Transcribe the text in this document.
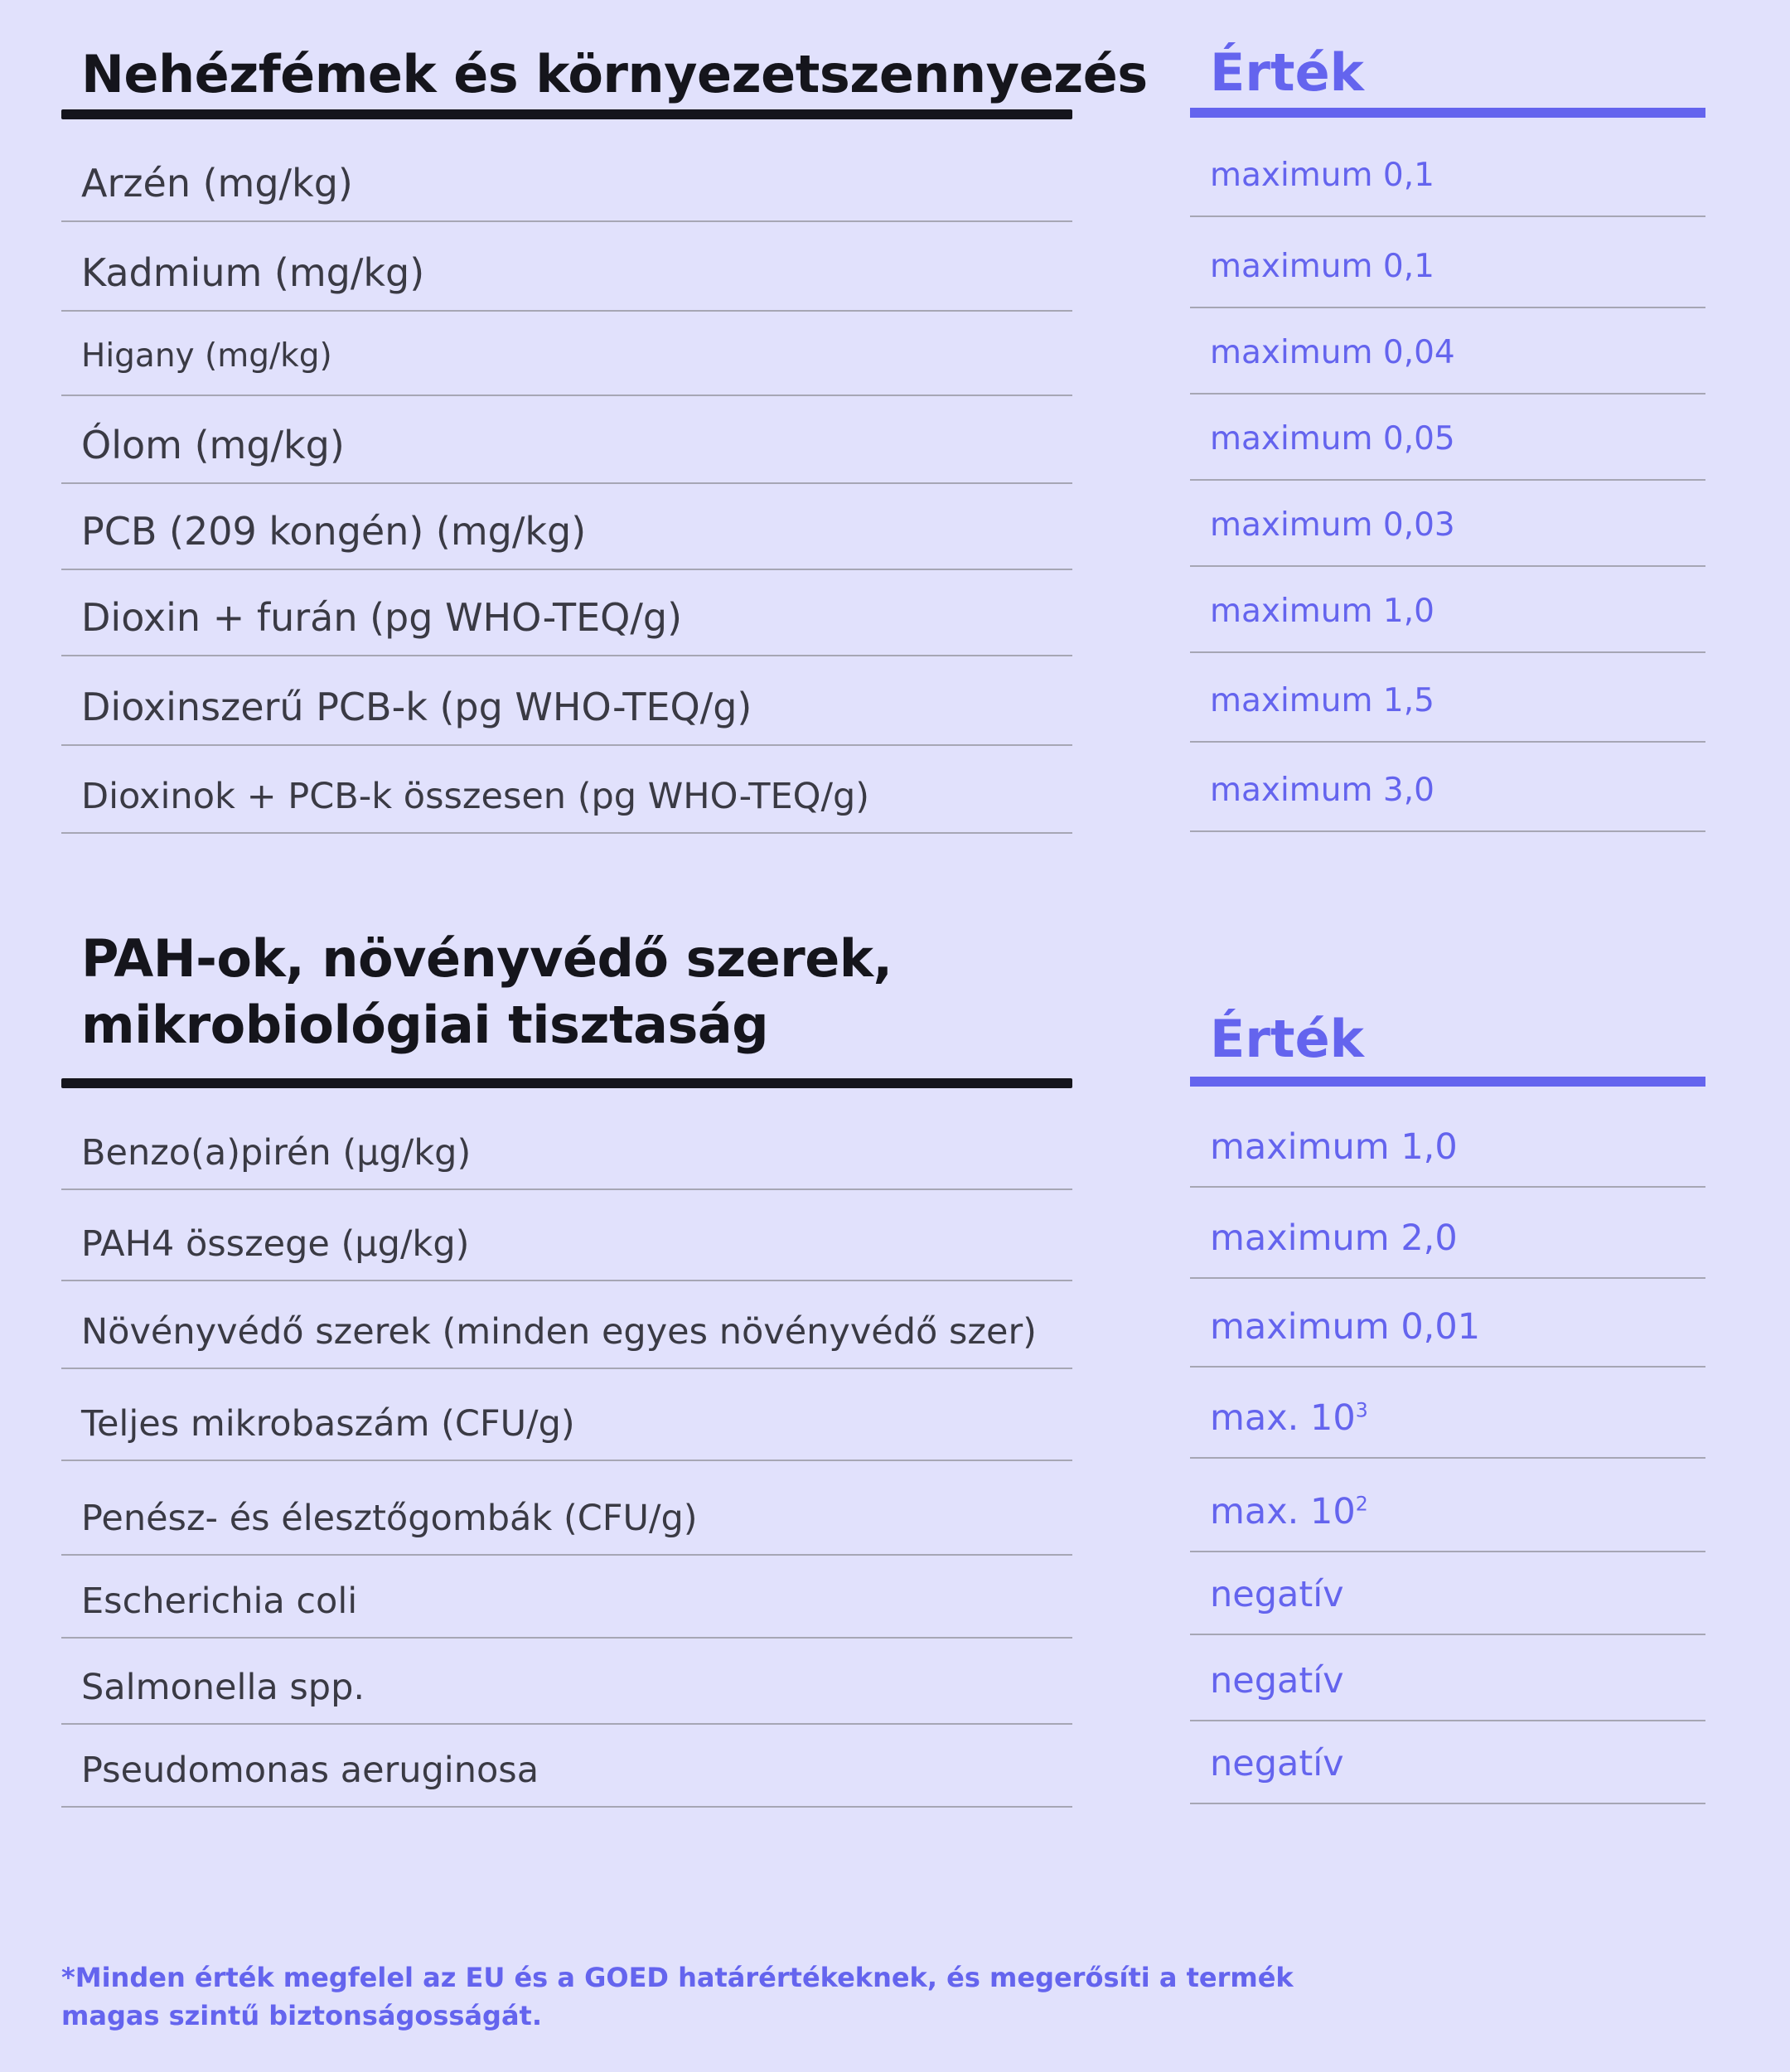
Nehézfémek és környezetszennyezés
Arzén (mg/kg)
Kadmium (mg/kg)
Higany (mg/kg)
Ólom (mg/kg)
PCB (209 kongén) (mg/kg)
Dioxin + furán (pg WHO-TEQ/g)
Dioxinszerű PCB-k (pg WHO-TEQ/g)
Dioxinok + PCB-k összesen (pg WHO-TEQ/g)
Érték
maximum 0,1
maximum 0,1
maximum 0,04
maximum 0,05
maximum 0,03
maximum 1,0
maximum 1,5
maximum 3,0
PAH-ok, növényvédő szerek, mikrobiológiai tisztaság
Benzo(a)pirén (µg/kg)
PAH4 összege (µg/kg)
Növényvédő szerek (minden egyes növényvédő szer)
Teljes mikrobaszám (CFU/g)
Penész- és élesztőgombák (CFU/g)
Escherichia coli
Salmonella spp.
Pseudomonas aeruginosa
Érték
maximum 1,0
maximum 2,0
maximum 0,01
max. $10^3$
max. $10^2$
negatív
negatív
negatív
*Minden érték megfelel az EU és a GOED határértékeknek, és megerősíti a termék magas szintű biztonságosságát.
